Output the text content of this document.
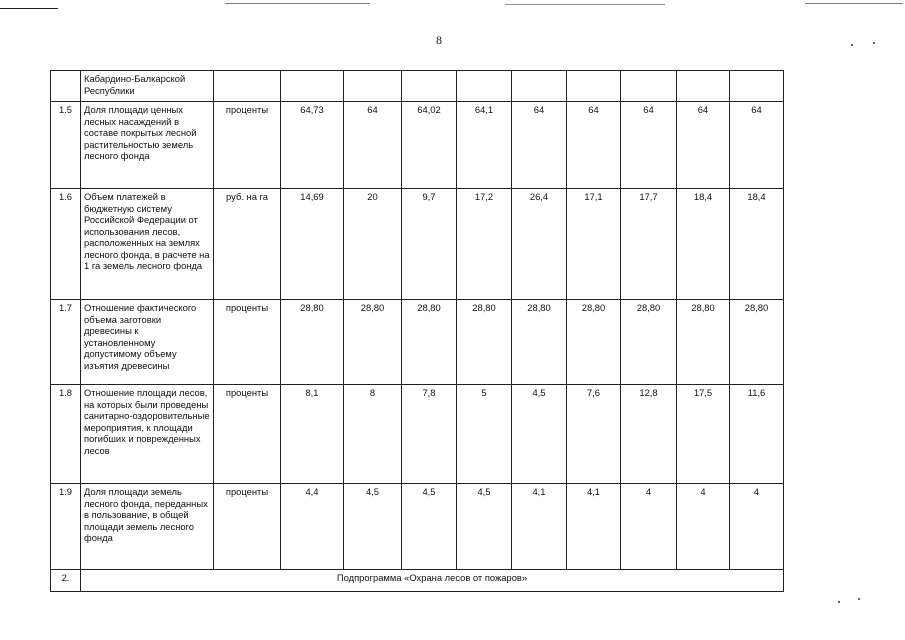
8
	Кабардино-Балкарской Республики										
1.5	Доля площади ценных лесных насаждений в составе покрытых лесной растительностью земель лесного фонда	проценты	64,73	64	64,02	64,1	64	64	64	64	64
1.6	Объем платежей в бюджетную систему Российской Федерации от использования лесов, расположенных на землях лесного фонда, в расчете на 1 га земель лесного фонда	руб. на га	14,69	20	9,7	17,2	26,4	17,1	17,7	18,4	18,4
1.7	Отношение фактического объема заготовки древесины к установленному допустимому объему изъятия древесины	проценты	28,80	28,80	28,80	28,80	28,80	28,80	28,80	28,80	28,80
1.8	Отношение площади лесов, на которых были проведены санитарно-оздоровительные мероприятия, к площади погибших и поврежденных лесов	проценты	8,1	8	7,8	5	4,5	7,6	12,8	17,5	11,6
1.9	Доля площади земель лесного фонда, переданных в пользование, в общей площади земель лесного фонда	проценты	4,4	4,5	4,5	4,5	4,1	4,1	4	4	4
2.	Подпрограмма «Охрана лесов от пожаров»										
